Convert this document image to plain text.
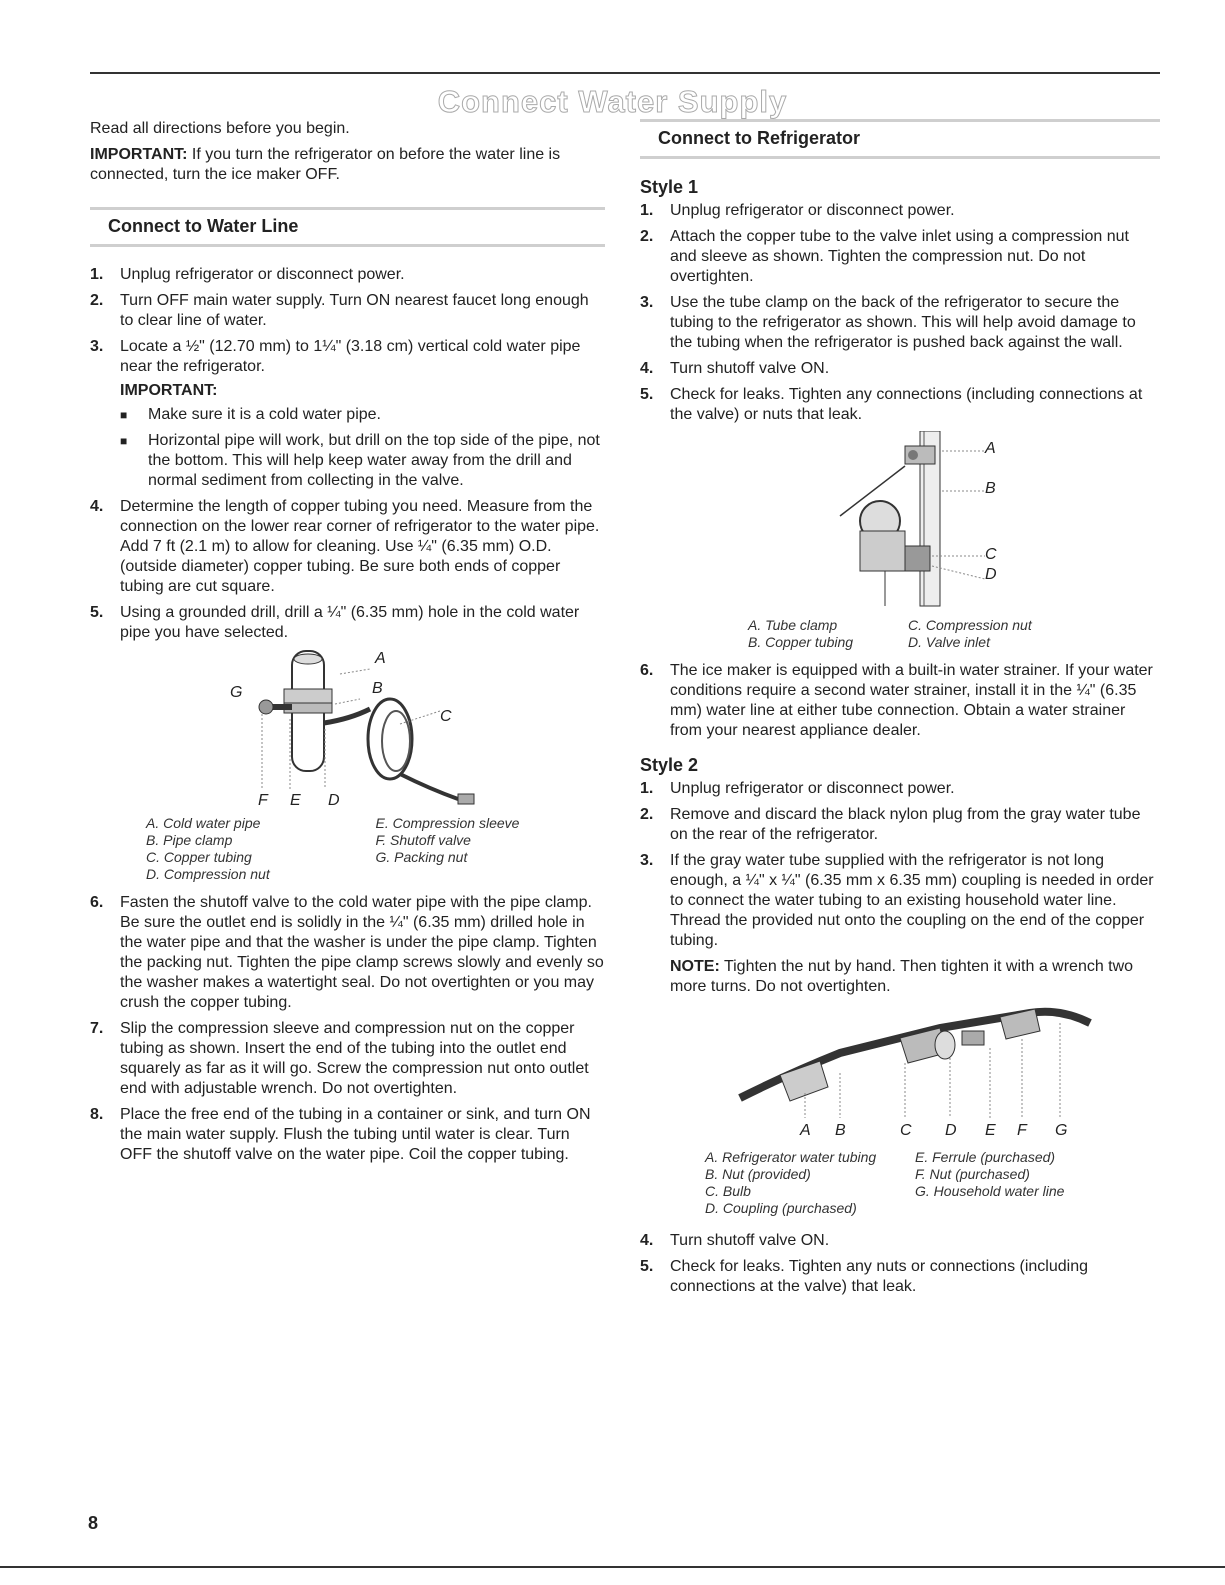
Connect Water Supply

Read all directions before you begin.

IMPORTANT: If you turn the refrigerator on before the water line is connected, turn the ice maker OFF.

Connect to Water Line
1. Unplug refrigerator or disconnect power.
2. Turn OFF main water supply. Turn ON nearest faucet long enough to clear line of water.
3. Locate a ½" (12.70 mm) to 1¼" (3.18 cm) vertical cold water pipe near the refrigerator.
IMPORTANT:
■ Make sure it is a cold water pipe.
■ Horizontal pipe will work, but drill on the top side of the pipe, not the bottom. This will help keep water away from the drill and normal sediment from collecting in the valve.
4. Determine the length of copper tubing you need. Measure from the connection on the lower rear corner of refrigerator to the water pipe. Add 7 ft (2.1 m) to allow for cleaning. Use ¼" (6.35 mm) O.D. (outside diameter) copper tubing. Be sure both ends of copper tubing are cut square.
5. Using a grounded drill, drill a ¼" (6.35 mm) hole in the cold water pipe you have selected.
A
B
C
G
F E D
A. Cold water pipe	E. Compression sleeve
B. Pipe clamp	F. Shutoff valve
C. Copper tubing	G. Packing nut
D. Compression nut
6. Fasten the shutoff valve to the cold water pipe with the pipe clamp. Be sure the outlet end is solidly in the ¼" (6.35 mm) drilled hole in the water pipe and that the washer is under the pipe clamp. Tighten the packing nut. Tighten the pipe clamp screws slowly and evenly so the washer makes a watertight seal. Do not overtighten or you may crush the copper tubing.
7. Slip the compression sleeve and compression nut on the copper tubing as shown. Insert the end of the tubing into the outlet end squarely as far as it will go. Screw the compression nut onto outlet end with adjustable wrench. Do not overtighten.
8. Place the free end of the tubing in a container or sink, and turn ON the main water supply. Flush the tubing until water is clear. Turn OFF the shutoff valve on the water pipe. Coil the copper tubing.
Connect to Refrigerator
Style 1
1. Unplug refrigerator or disconnect power.
2. Attach the copper tube to the valve inlet using a compression nut and sleeve as shown. Tighten the compression nut. Do not overtighten.
3. Use the tube clamp on the back of the refrigerator to secure the tubing to the refrigerator as shown. This will help avoid damage to the tubing when the refrigerator is pushed back against the wall.
4. Turn shutoff valve ON.
5. Check for leaks. Tighten any connections (including connections at the valve) or nuts that leak.
A
B
C
D
A. Tube clamp	C. Compression nut
B. Copper tubing	D. Valve inlet
6. The ice maker is equipped with a built-in water strainer. If your water conditions require a second water strainer, install it in the ¼" (6.35 mm) water line at either tube connection. Obtain a water strainer from your nearest appliance dealer.
Style 2
1. Unplug refrigerator or disconnect power.
2. Remove and discard the black nylon plug from the gray water tube on the rear of the refrigerator.
3. If the gray water tube supplied with the refrigerator is not long enough, a ¼" x ¼" (6.35 mm x 6.35 mm) coupling is needed in order to connect the water tubing to an existing household water line. Thread the provided nut onto the coupling on the end of the copper tubing.

NOTE: Tighten the nut by hand. Then tighten it with a wrench two more turns. Do not overtighten.

A B	C D E F G
A. Refrigerator water tubing	E. Ferrule (purchased)
B. Nut (provided)	F. Nut (purchased)
C. Bulb	G. Household water line
D. Coupling (purchased)
4. Turn shutoff valve ON.
5. Check for leaks. Tighten any nuts or connections (including connections at the valve) that leak.
8
